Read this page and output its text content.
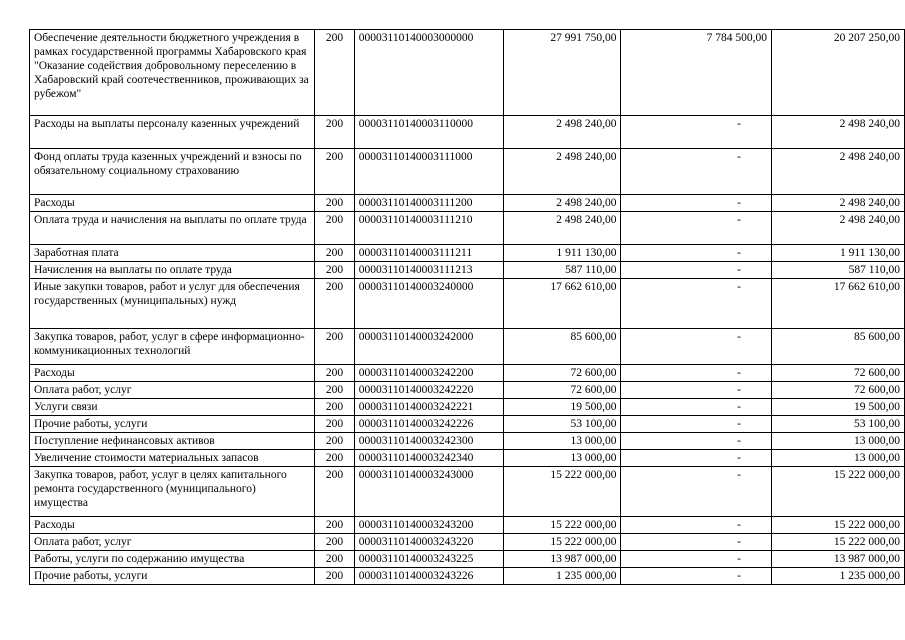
Обеспечение деятельности бюджетного учреждения в рамках государственной программы Хабаровского края "Оказание содействия добровольному переселению в Хабаровский край соотечественников, проживающих за рубежом"	200	00003110140003000000	27 991 750,00	7 784 500,00	20 207 250,00
Расходы на выплаты персоналу казенных учреждений	200	00003110140003110000	2 498 240,00	-	2 498 240,00
Фонд оплаты труда казенных учреждений и взносы по обязательному социальному страхованию	200	00003110140003111000	2 498 240,00	-	2 498 240,00
Расходы	200	00003110140003111200	2 498 240,00	-	2 498 240,00
Оплата труда и начисления на выплаты по оплате труда	200	00003110140003111210	2 498 240,00	-	2 498 240,00
Заработная плата	200	00003110140003111211	1 911 130,00	-	1 911 130,00
Начисления на выплаты по оплате труда	200	00003110140003111213	587 110,00	-	587 110,00
Иные закупки товаров, работ и услуг для обеспечения государственных (муниципальных) нужд	200	00003110140003240000	17 662 610,00	-	17 662 610,00
Закупка товаров, работ, услуг в сфере информационно-коммуникационных технологий	200	00003110140003242000	85 600,00	-	85 600,00
Расходы	200	00003110140003242200	72 600,00	-	72 600,00
Оплата работ, услуг	200	00003110140003242220	72 600,00	-	72 600,00
Услуги связи	200	00003110140003242221	19 500,00	-	19 500,00
Прочие работы, услуги	200	00003110140003242226	53 100,00	-	53 100,00
Поступление нефинансовых активов	200	00003110140003242300	13 000,00	-	13 000,00
Увеличение стоимости материальных запасов	200	00003110140003242340	13 000,00	-	13 000,00
Закупка товаров, работ, услуг в целях капитального ремонта государственного (муниципального) имущества	200	00003110140003243000	15 222 000,00	-	15 222 000,00
Расходы	200	00003110140003243200	15 222 000,00	-	15 222 000,00
Оплата работ, услуг	200	00003110140003243220	15 222 000,00	-	15 222 000,00
Работы, услуги по содержанию имущества	200	00003110140003243225	13 987 000,00	-	13 987 000,00
Прочие работы, услуги	200	00003110140003243226	1 235 000,00	-	1 235 000,00
